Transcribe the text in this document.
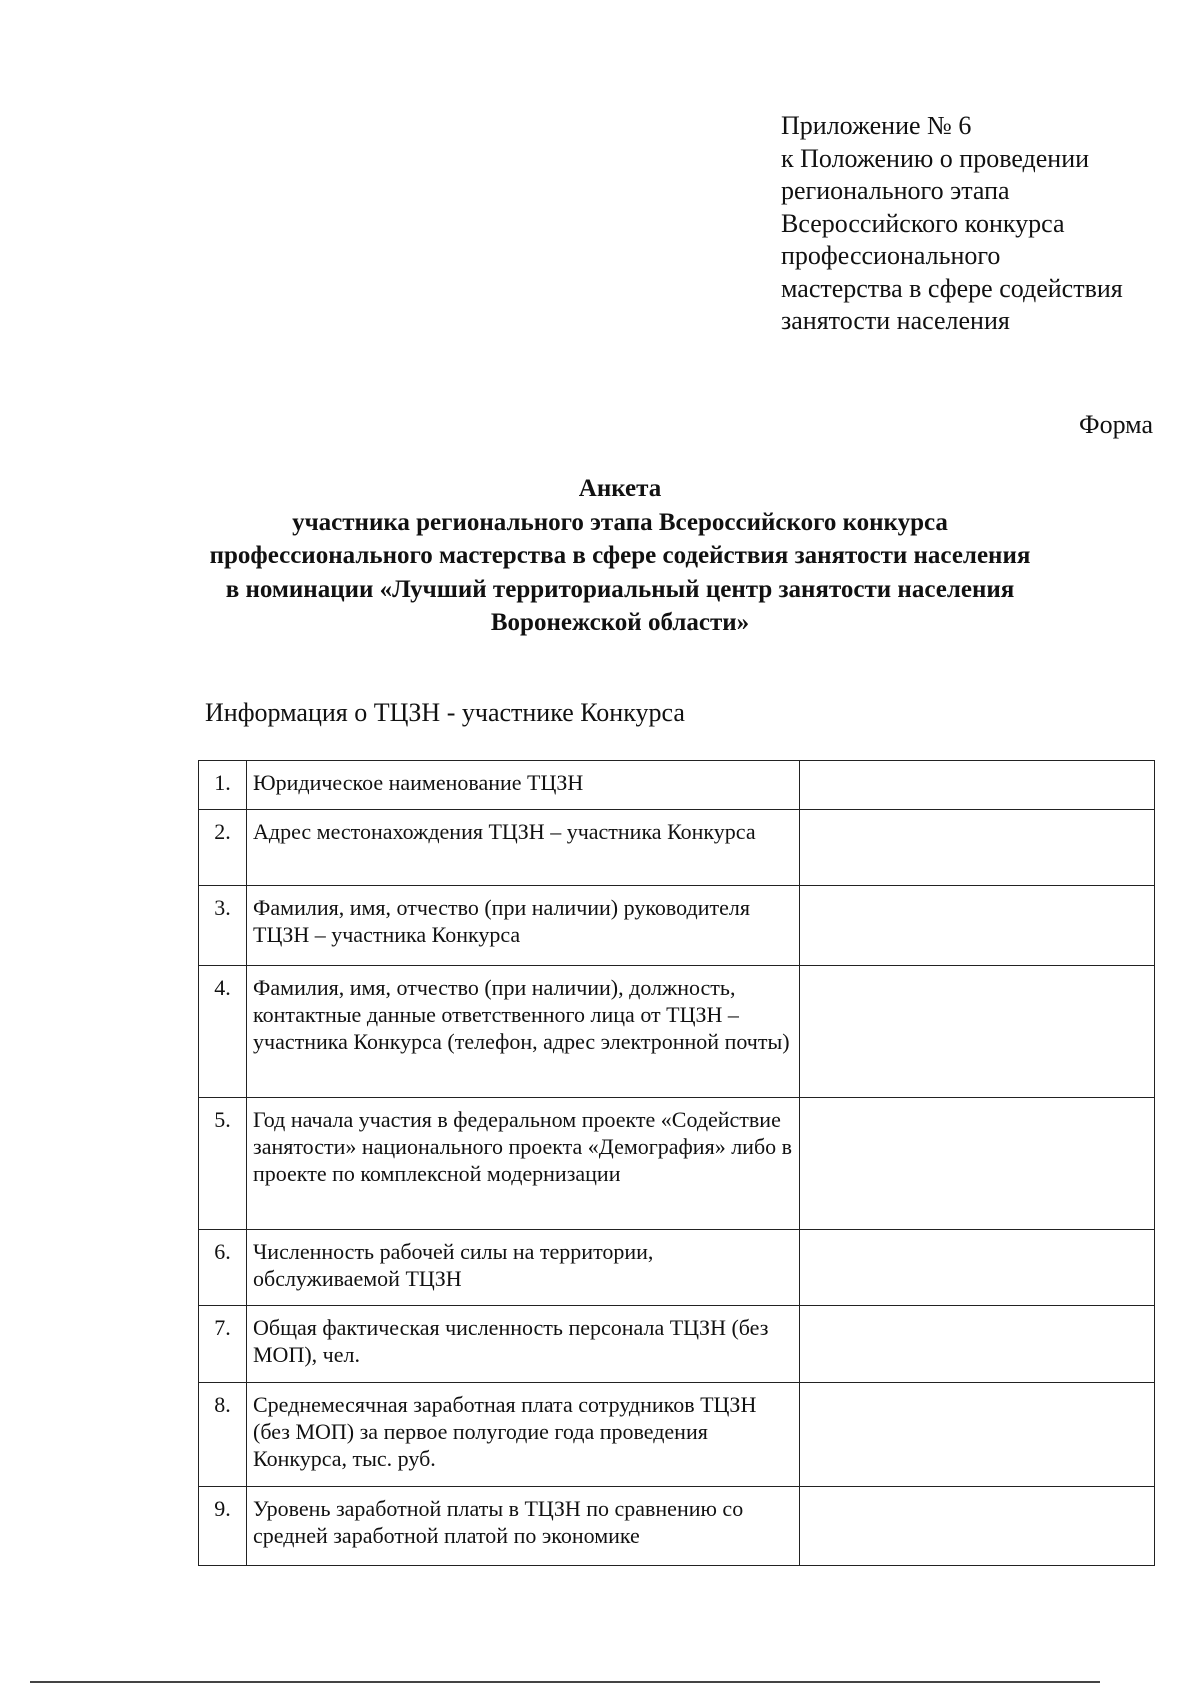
Приложение № 6
к Положению о проведении
регионального этапа
Всероссийского конкурса
профессионального
мастерства в сфере содействия
занятости населения
Форма
Анкета
участника регионального этапа Всероссийского конкурса
профессионального мастерства в сфере содействия занятости населения
в номинации «Лучший территориальный центр занятости населения
Воронежской области»
Информация о ТЦЗН - участнике Конкурса
1.	Юридическое наименование ТЦЗН	
2.	Адрес местонахождения ТЦЗН – участника Конкурса	
3.	Фамилия, имя, отчество (при наличии) руководителя ТЦЗН – участника Конкурса	
4.	Фамилия, имя, отчество (при наличии), должность, контактные данные ответственного лица от ТЦЗН – участника Конкурса (телефон, адрес электронной почты)	
5.	Год начала участия в федеральном проекте «Содействие занятости» национального проекта «Демография» либо в проекте по комплексной модернизации	
6.	Численность рабочей силы на территории, обслуживаемой ТЦЗН	
7.	Общая фактическая численность персонала ТЦЗН (без МОП), чел.	
8.	Среднемесячная заработная плата сотрудников ТЦЗН (без МОП) за первое полугодие года проведения Конкурса, тыс. руб.	
9.	Уровень заработной платы в ТЦЗН по сравнению со средней заработной платой по экономике	
